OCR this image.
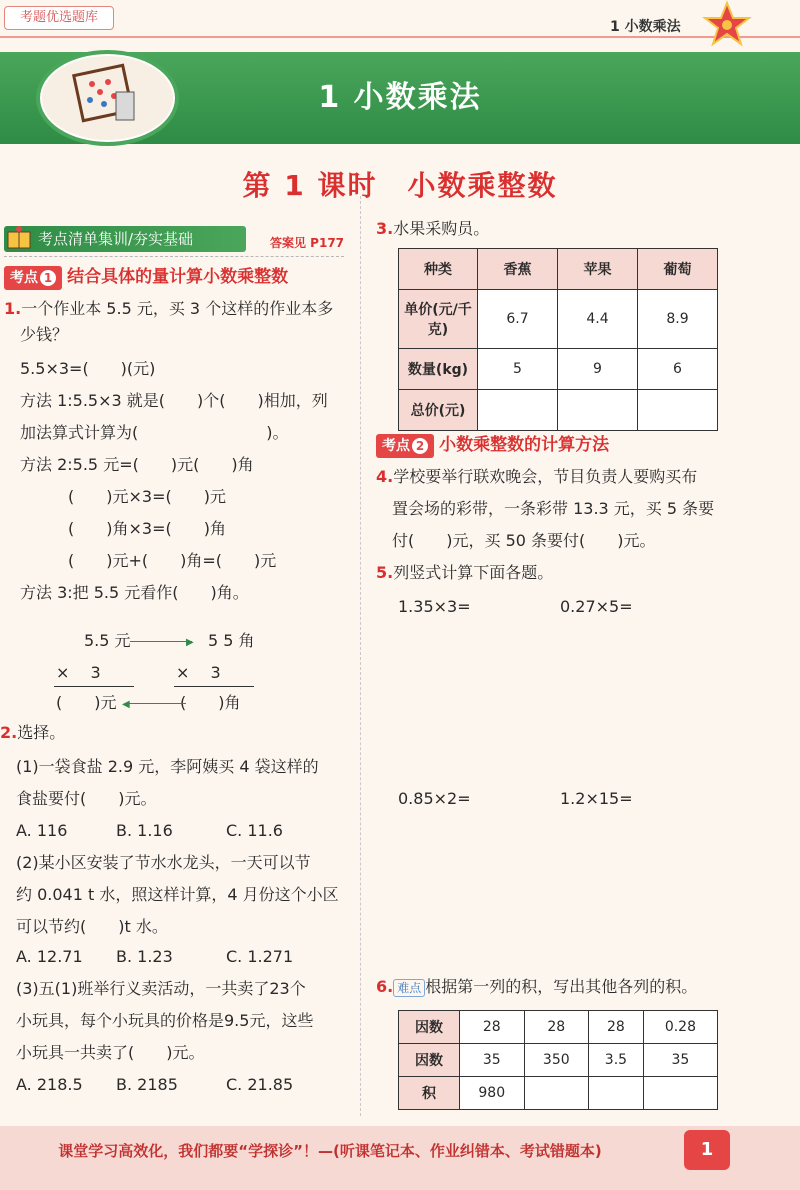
考题优选题库
1 小数乘法
1 小数乘法
第 1 课时　小数乘整数
考点清单集训/夯实基础	答案见 P177
考点 1 结合具体的量计算小数乘整数
1.一个作业本 5.5 元，买 3 个这样的作业本多
少钱？
5.5×3=(　　)(元)
方法 1:5.5×3 就是(　　)个(　　)相加，列
加法算式计算为(　　　　　　　　)。
方法 2:5.5 元=(　　)元(　　)角
(　　)元×3=(　　)元
(　　)角×3=(　　)角
(　　)元+(　　)角=(　　)元
方法 3:把 5.5 元看作(　　)角。
5.5 元	5 5 角
▶
× 　3	× 　3
(　　)元	(　　)角
◀
2.选择。
(1)一袋食盐 2.9 元，李阿姨买 4 袋这样的
食盐要付(　　)元。
A. 116	B. 1.16	C. 11.6
(2)某小区安装了节水水龙头，一天可以节
约 0.041 t 水，照这样计算，4 月份这个小区
可以节约(　　)t 水。
A. 12.71 B. 1.23	C. 1.271
(3)五(1)班举行义卖活动，一共卖了23个
小玩具，每个小玩具的价格是9.5元，这些
小玩具一共卖了(　　)元。
A. 218.5 B. 2185	C. 21.85
3.水果采购员。
种类	香蕉	苹果	葡萄
单价(元/千克)	6.7	4.4	8.9
数量(kg)	5	9	6
总价(元)			
考点 2 小数乘整数的计算方法
4.学校要举行联欢晚会，节目负责人要购买布
置会场的彩带，一条彩带 13.3 元，买 5 条要
付(　　)元，买 50 条要付(　　)元。
5.列竖式计算下面各题。
1.35×3=	0.27×5=
0.85×2=	1.2×15=
6. 难点 根据第一列的积，写出其他各列的积。
因数	28	28	28	0.28
因数	35	350	3.5	35
积	980			
课堂学习高效化，我们都要“学探诊”！—(听课笔记本、作业纠错本、考试错题本)	1
